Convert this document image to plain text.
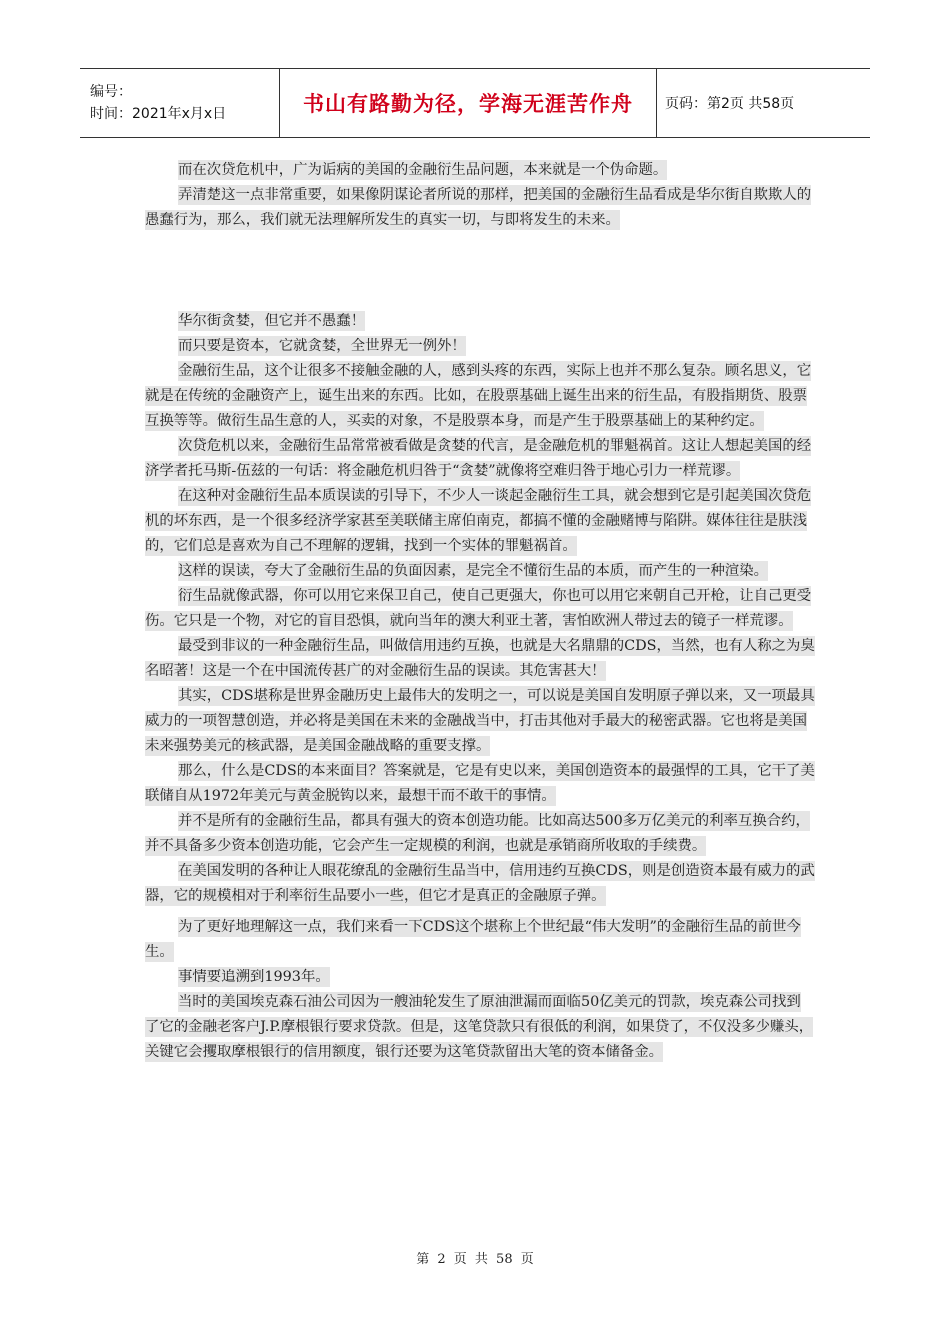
编号：
时间：2021年x月x日	书山有路勤为径，学海无涯苦作舟	页码：第2页 共58页

而在次贷危机中，广为诟病的美国的金融衍生品问题，本来就是一个伪命题。

弄清楚这一点非常重要，如果像阴谋论者所说的那样，把美国的金融衍生品看成是华尔街自欺欺人的愚蠢行为，那么，我们就无法理解所发生的真实一切，与即将发生的未来。

华尔街贪婪，但它并不愚蠢！

而只要是资本，它就贪婪，全世界无一例外！

金融衍生品，这个让很多不接触金融的人，感到头疼的东西，实际上也并不那么复杂。顾名思义，它就是在传统的金融资产上，诞生出来的东西。比如，在股票基础上诞生出来的衍生品，有股指期货、股票互换等等。做衍生品生意的人，买卖的对象，不是股票本身，而是产生于股票基础上的某种约定。

次贷危机以来，金融衍生品常常被看做是贪婪的代言，是金融危机的罪魁祸首。这让人想起美国的经济学者托马斯-伍兹的一句话：将金融危机归咎于“贪婪”就像将空难归咎于地心引力一样荒谬。

在这种对金融衍生品本质误读的引导下，不少人一谈起金融衍生工具，就会想到它是引起美国次贷危机的坏东西，是一个很多经济学家甚至美联储主席伯南克，都搞不懂的金融赌博与陷阱。媒体往往是肤浅的，它们总是喜欢为自己不理解的逻辑，找到一个实体的罪魁祸首。

这样的误读，夸大了金融衍生品的负面因素，是完全不懂衍生品的本质，而产生的一种渲染。

衍生品就像武器，你可以用它来保卫自己，使自己更强大，你也可以用它来朝自己开枪，让自己更受伤。它只是一个物，对它的盲目恐惧，就向当年的澳大利亚土著，害怕欧洲人带过去的镜子一样荒谬。

最受到非议的一种金融衍生品，叫做信用违约互换，也就是大名鼎鼎的CDS，当然，也有人称之为臭名昭著！这是一个在中国流传甚广的对金融衍生品的误读。其危害甚大！

其实，CDS堪称是世界金融历史上最伟大的发明之一，可以说是美国自发明原子弹以来，又一项最具威力的一项智慧创造，并必将是美国在未来的金融战当中，打击其他对手最大的秘密武器。它也将是美国未来强势美元的核武器，是美国金融战略的重要支撑。

那么，什么是CDS的本来面目？答案就是，它是有史以来，美国创造资本的最强悍的工具，它干了美联储自从1972年美元与黄金脱钩以来，最想干而不敢干的事情。

并不是所有的金融衍生品，都具有强大的资本创造功能。比如高达500多万亿美元的利率互换合约，并不具备多少资本创造功能，它会产生一定规模的利润，也就是承销商所收取的手续费。

在美国发明的各种让人眼花缭乱的金融衍生品当中，信用违约互换CDS，则是创造资本最有威力的武器，它的规模相对于利率衍生品要小一些，但它才是真正的金融原子弹。

为了更好地理解这一点，我们来看一下CDS这个堪称上个世纪最“伟大发明”的金融衍生品的前世今生。

事情要追溯到1993年。

当时的美国埃克森石油公司因为一艘油轮发生了原油泄漏而面临50亿美元的罚款，埃克森公司找到了它的金融老客户J.P.摩根银行要求贷款。但是，这笔贷款只有很低的利润，如果贷了，不仅没多少赚头，关键它会攫取摩根银行的信用额度，银行还要为这笔贷款留出大笔的资本储备金。

第 2 页 共 58 页
